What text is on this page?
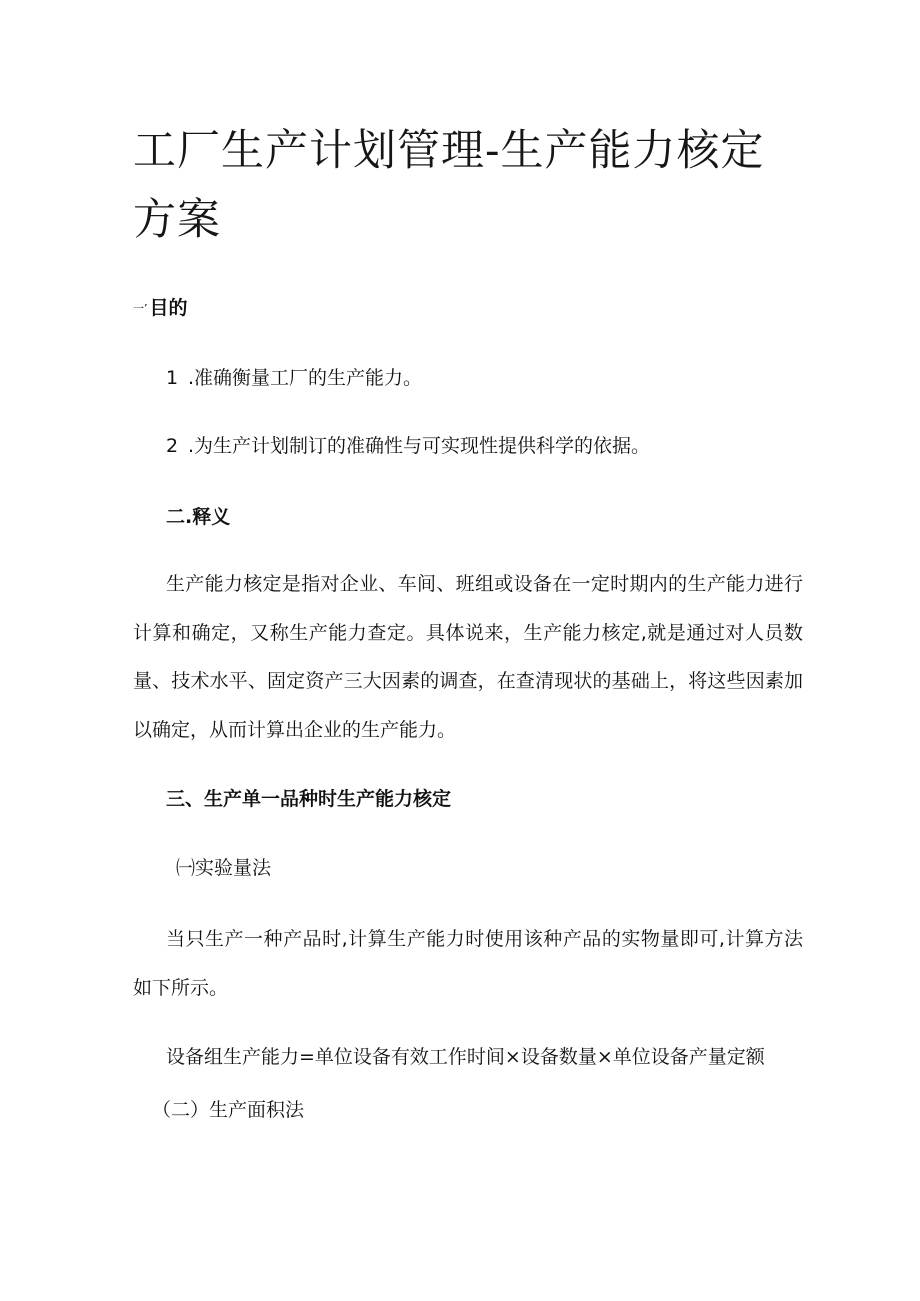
工厂生产计划管理-生产能力核定方案
一’ 目的
1 .准确衡量工厂的生产能力。
2 .为生产计划制订的准确性与可实现性提供科学的依据。
二.释义

生产能力核定是指对企业、车间、班组或设备在一定时期内的生产能力进行计算和确定，又称生产能力查定。具体说来，生产能力核定,就是通过对人员数量、技术水平、固定资产三大因素的调查，在查清现状的基础上，将这些因素加以确定，从而计算出企业的生产能力。

三、生产单一品种时生产能力核定
㈠实验量法

当只生产一种产品时,计算生产能力时使用该种产品的实物量即可,计算方法如下所示。

设备组生产能力=单位设备有效工作时间×设备数量×单位设备产量定额
（二）生产面积法
